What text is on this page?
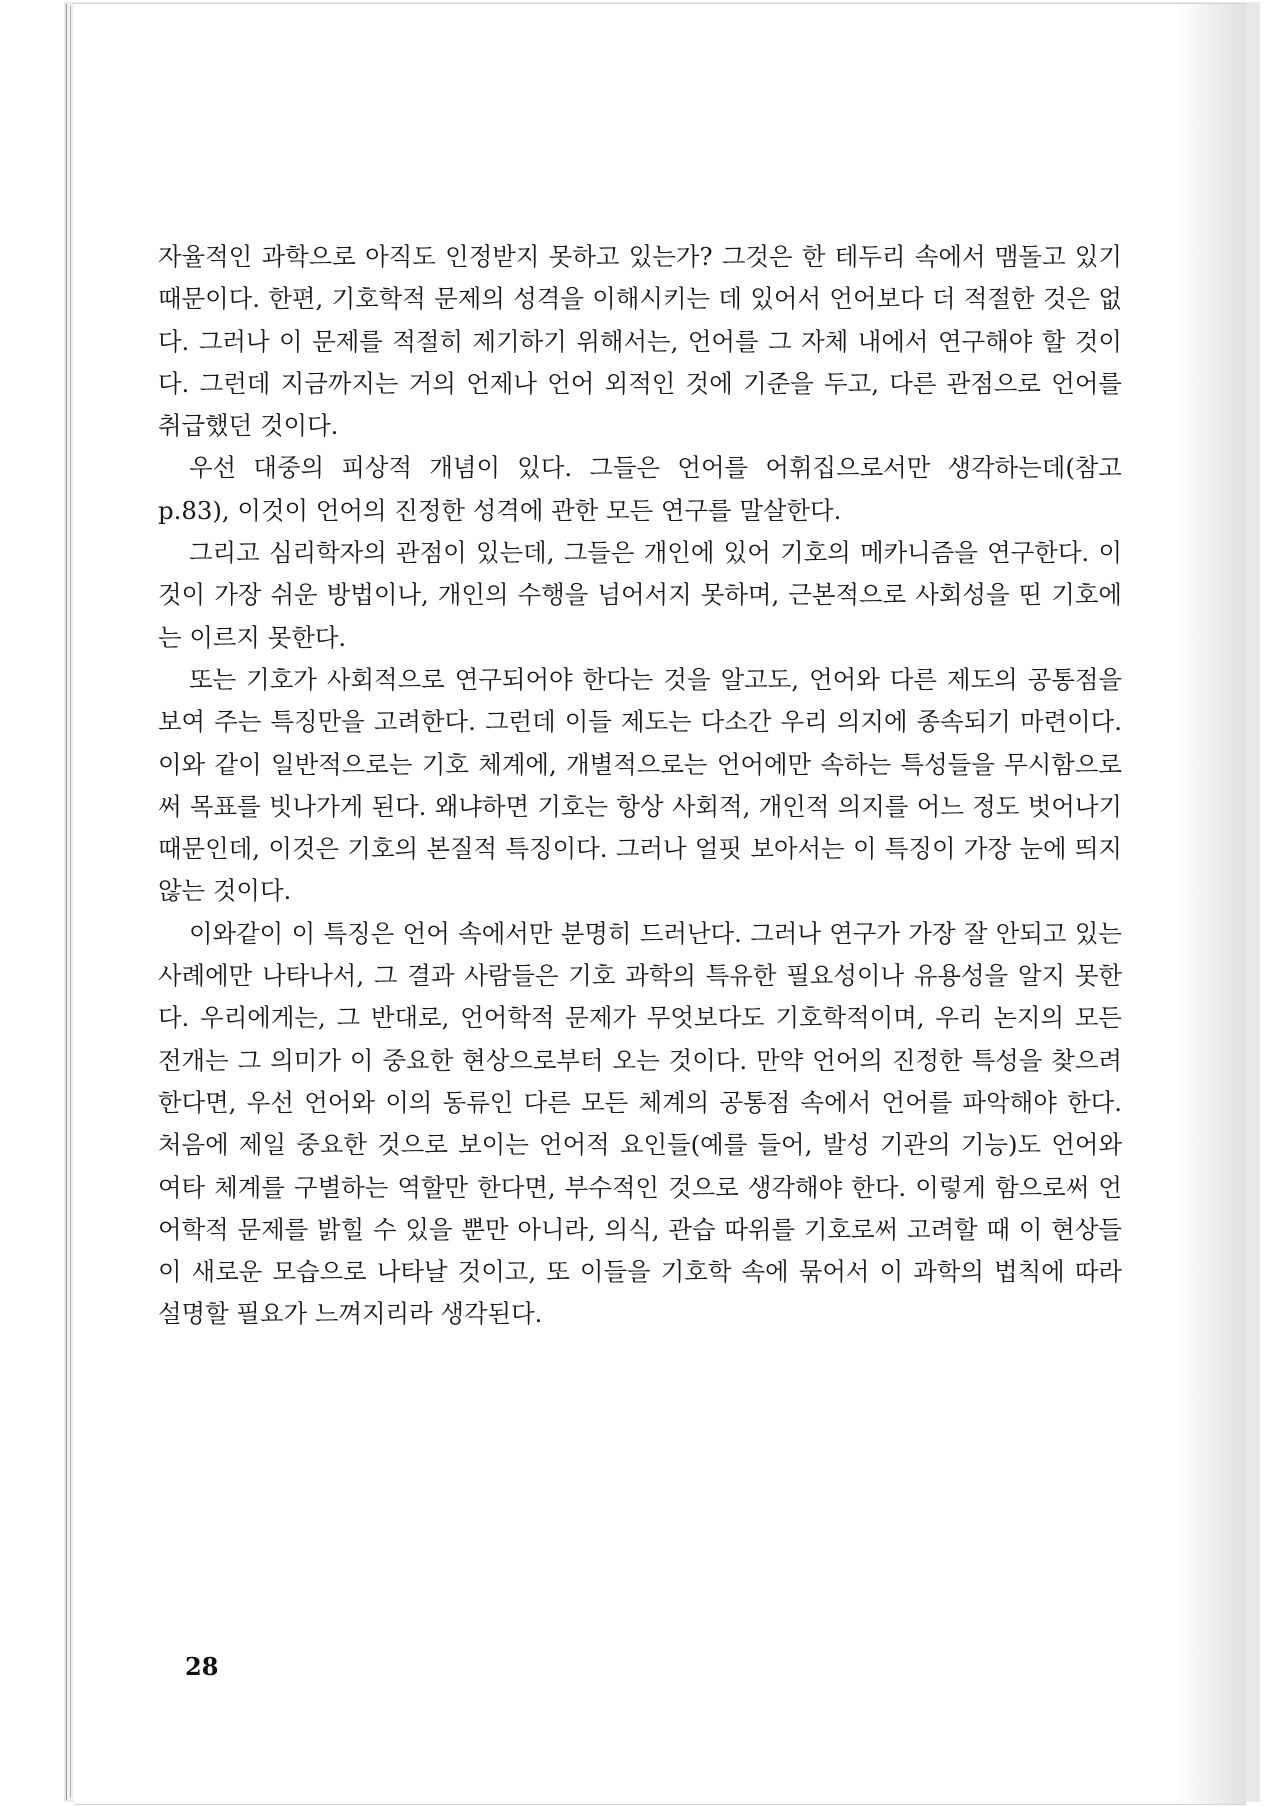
자율적인 과학으로 아직도 인정받지 못하고 있는가? 그것은 한 테두리 속에서 맴돌고 있기 때문이다. 한편, 기호학적 문제의 성격을 이해시키는 데 있어서 언어보다 더 적절한 것은 없다. 그러나 이 문제를 적절히 제기하기 위해서는, 언어를 그 자체 내에서 연구해야 할 것이다. 그런데 지금까지는 거의 언제나 언어 외적인 것에 기준을 두고, 다른 관점으로 언어를 취급했던 것이다.

우선 대중의 피상적 개념이 있다. 그들은 언어를 어휘집으로서만 생각하는데(참고 p.83), 이것이 언어의 진정한 성격에 관한 모든 연구를 말살한다.

그리고 심리학자의 관점이 있는데, 그들은 개인에 있어 기호의 메카니즘을 연구한다. 이것이 가장 쉬운 방법이나, 개인의 수행을 넘어서지 못하며, 근본적으로 사회성을 띤 기호에는 이르지 못한다.

또는 기호가 사회적으로 연구되어야 한다는 것을 알고도, 언어와 다른 제도의 공통점을 보여 주는 특징만을 고려한다. 그런데 이들 제도는 다소간 우리 의지에 종속되기 마련이다. 이와 같이 일반적으로는 기호 체계에, 개별적으로는 언어에만 속하는 특성들을 무시함으로써 목표를 빗나가게 된다. 왜냐하면 기호는 항상 사회적, 개인적 의지를 어느 정도 벗어나기 때문인데, 이것은 기호의 본질적 특징이다. 그러나 얼핏 보아서는 이 특징이 가장 눈에 띄지 않는 것이다.

이와같이 이 특징은 언어 속에서만 분명히 드러난다. 그러나 연구가 가장 잘 안되고 있는 사례에만 나타나서, 그 결과 사람들은 기호 과학의 특유한 필요성이나 유용성을 알지 못한다. 우리에게는, 그 반대로, 언어학적 문제가 무엇보다도 기호학적이며, 우리 논지의 모든 전개는 그 의미가 이 중요한 현상으로부터 오는 것이다. 만약 언어의 진정한 특성을 찾으려 한다면, 우선 언어와 이의 동류인 다른 모든 체계의 공통점 속에서 언어를 파악해야 한다. 처음에 제일 중요한 것으로 보이는 언어적 요인들(예를 들어, 발성 기관의 기능)도 언어와 여타 체계를 구별하는 역할만 한다면, 부수적인 것으로 생각해야 한다. 이렇게 함으로써 언어학적 문제를 밝힐 수 있을 뿐만 아니라, 의식, 관습 따위를 기호로써 고려할 때 이 현상들이 새로운 모습으로 나타날 것이고, 또 이들을 기호학 속에 묶어서 이 과학의 법칙에 따라 설명할 필요가 느껴지리라 생각된다.

28
